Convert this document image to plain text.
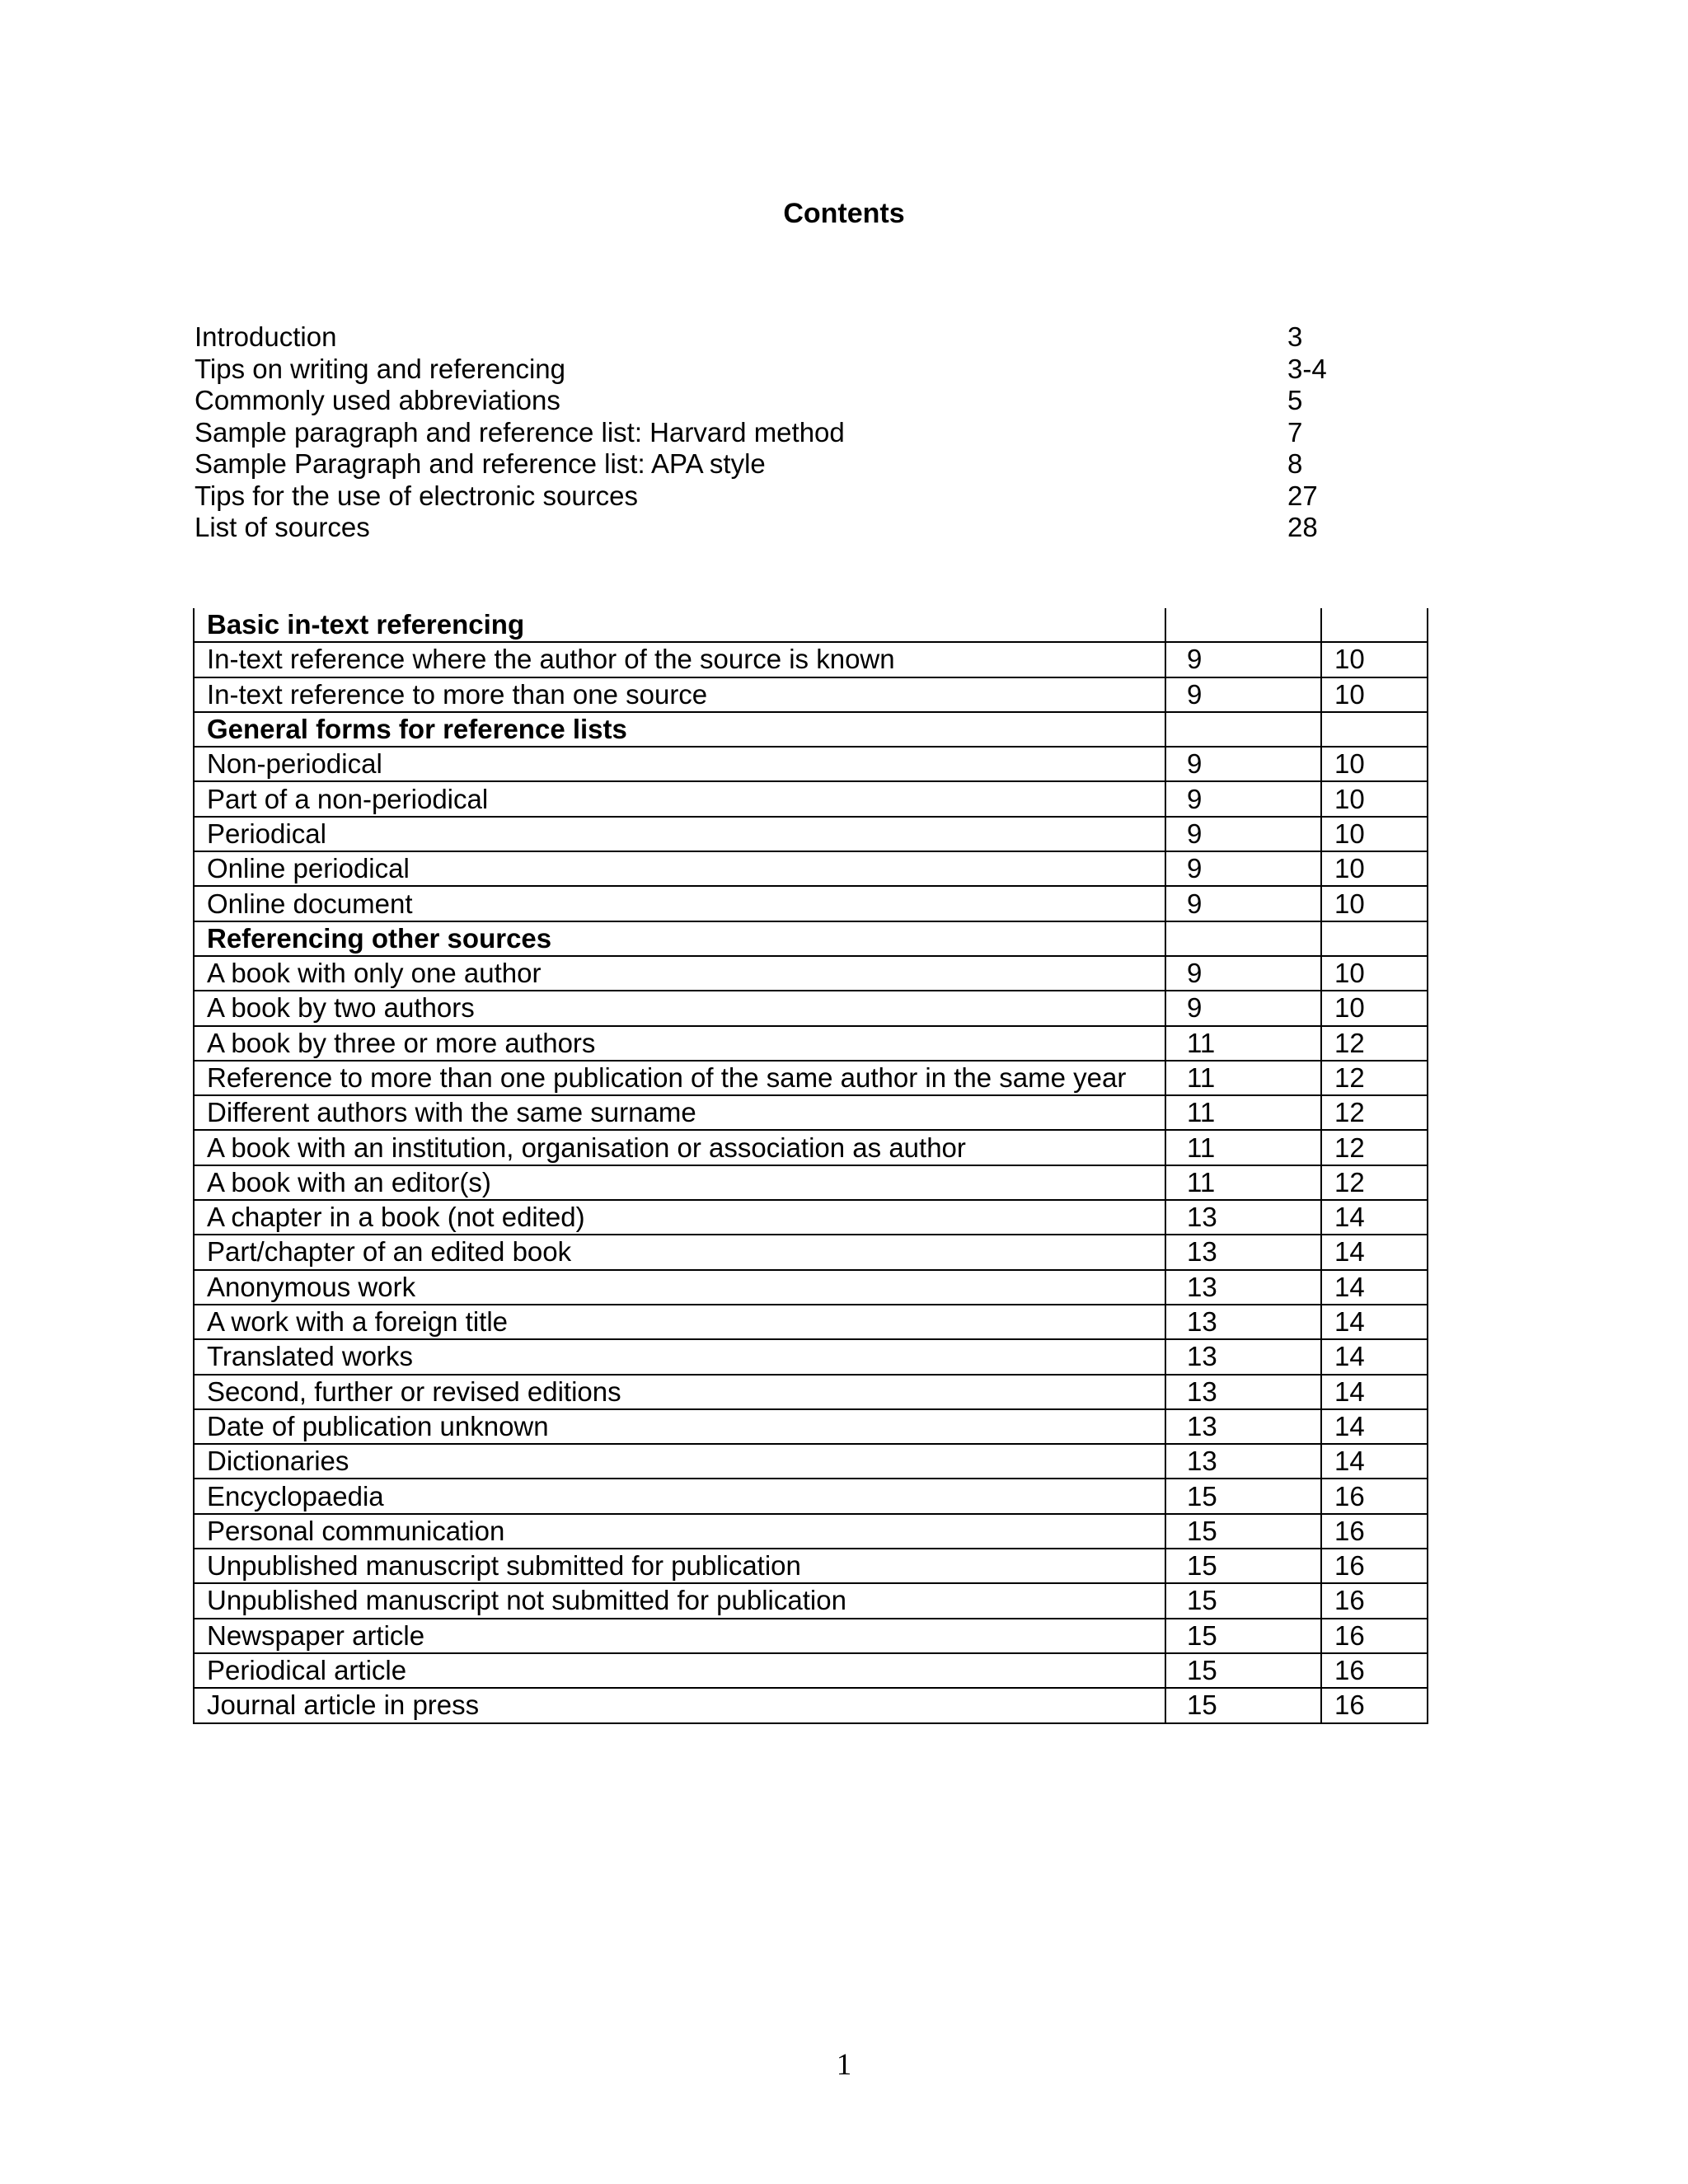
Contents
Introduction	3
Tips on writing and referencing	3-4
Commonly used abbreviations	5
Sample paragraph and reference list: Harvard method	7
Sample Paragraph and reference list: APA style	8
Tips for the use of electronic sources	27
List of sources	28
Basic in-text referencing		
In-text reference where the author of the source is known	9	10
In-text reference to more than one source	9	10
General forms for reference lists		
Non-periodical	9	10
Part of a non-periodical	9	10
Periodical	9	10
Online periodical	9	10
Online document	9	10
Referencing other sources		
A book with only one author	9	10
A book by two authors	9	10
A book by three or more authors	11	12
Reference to more than one publication of the same author in the same year	11	12
Different authors with the same surname	11	12
A book with an institution, organisation or association as author	11	12
A book with an editor(s)	11	12
A chapter in a book (not edited)	13	14
Part/chapter of an edited book	13	14
Anonymous work	13	14
A work with a foreign title	13	14
Translated works	13	14
Second, further or revised editions	13	14
Date of publication unknown	13	14
Dictionaries	13	14
Encyclopaedia	15	16
Personal communication	15	16
Unpublished manuscript submitted for publication	15	16
Unpublished manuscript not submitted for publication	15	16
Newspaper article	15	16
Periodical article	15	16
Journal article in press	15	16
1
